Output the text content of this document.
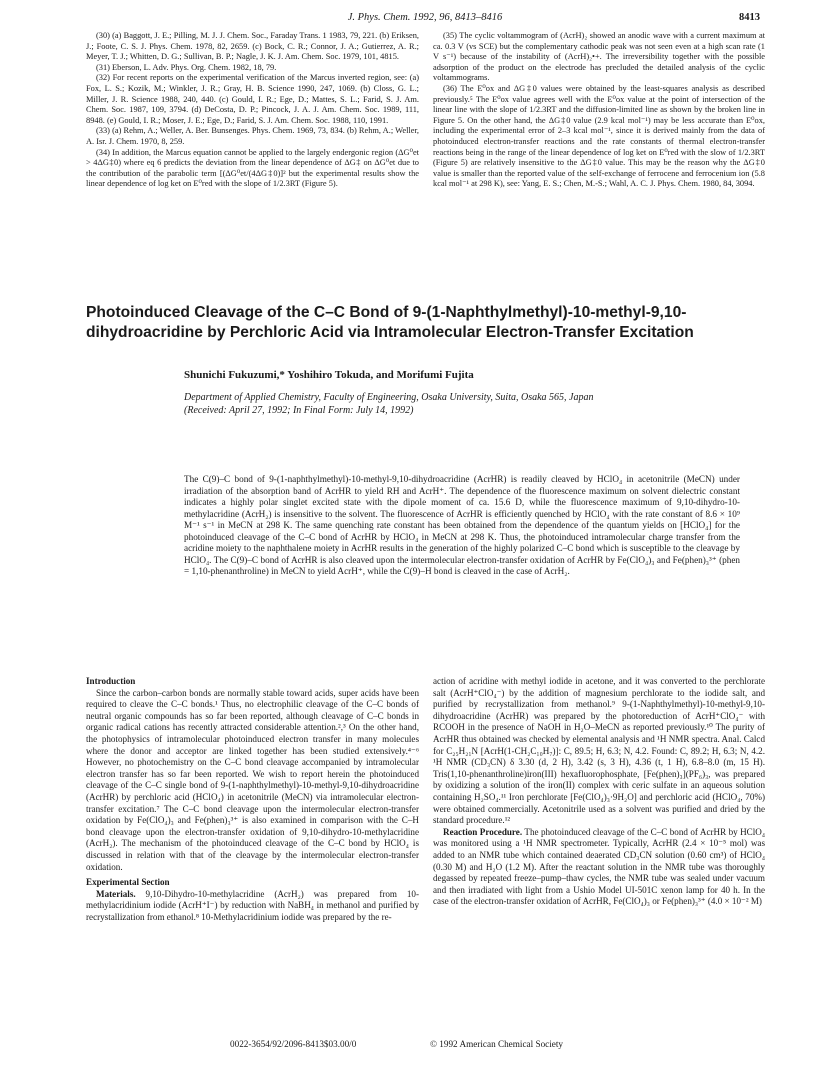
J. Phys. Chem. 1992, 96, 8413–8416	8413

(30) (a) Baggott, J. E.; Pilling, M. J. J. Chem. Soc., Faraday Trans. 1 1983, 79, 221. (b) Eriksen, J.; Foote, C. S. J. Phys. Chem. 1978, 82, 2659. (c) Bock, C. R.; Connor, J. A.; Gutierrez, A. R.; Meyer, T. J.; Whitten, D. G.; Sullivan, B. P.; Nagle, J. K. J. Am. Chem. Soc. 1979, 101, 4815.

(31) Eberson, L. Adv. Phys. Org. Chem. 1982, 18, 79.

(32) For recent reports on the experimental verification of the Marcus inverted region, see: (a) Fox, L. S.; Kozik, M.; Winkler, J. R.; Gray, H. B. Science 1990, 247, 1069. (b) Closs, G. L.; Miller, J. R. Science 1988, 240, 440. (c) Gould, I. R.; Ege, D.; Mattes, S. L.; Farid, S. J. Am. Chem. Soc. 1987, 109, 3794. (d) DeCosta, D. P.; Pincock, J. A. J. Am. Chem. Soc. 1989, 111, 8948. (e) Gould, I. R.; Moser, J. E.; Ege, D.; Farid, S. J. Am. Chem. Soc. 1988, 110, 1991.

(33) (a) Rehm, A.; Weller, A. Ber. Bunsenges. Phys. Chem. 1969, 73, 834. (b) Rehm, A.; Weller, A. Isr. J. Chem. 1970, 8, 259.

(34) In addition, the Marcus equation cannot be applied to the largely endergonic region (ΔG⁰et > 4ΔG‡0) where eq 6 predicts the deviation from the linear dependence of ΔG‡ on ΔG⁰et due to the contribution of the parabolic term [(ΔG⁰et/(4ΔG‡0)]² but the experimental results show the linear dependence of log ket on E⁰red with the slope of 1/2.3RT (Figure 5).

(35) The cyclic voltammogram of (AcrH)₂ showed an anodic wave with a current maximum at ca. 0.3 V (vs SCE) but the complementary cathodic peak was not seen even at a high scan rate (1 V s⁻¹) because of the instability of (AcrH)₂•+. The irreversibility together with the possible adsorption of the product on the electrode has precluded the detailed analysis of the cyclic voltammograms.

(36) The E⁰ox and ΔG‡0 values were obtained by the least-squares analysis as described previously.⁵ The E⁰ox value agrees well with the E⁰ox value at the point of intersection of the linear line with the slope of 1/2.3RT and the diffusion-limited line as shown by the broken line in Figure 5. On the other hand, the ΔG‡0 value (2.9 kcal mol⁻¹) may be less accurate than E⁰ox, including the experimental error of 2–3 kcal mol⁻¹, since it is derived mainly from the data of photoinduced electron-transfer reactions and the rate constants of thermal electron-transfer reactions being in the range of the linear dependence of log ket on E⁰red with the slow of 1/2.3RT (Figure 5) are relatively insensitive to the ΔG‡0 value. This may be the reason why the ΔG‡0 value is smaller than the reported value of the self-exchange of ferrocene and ferrocenium ion (5.8 kcal mol⁻¹ at 298 K), see: Yang, E. S.; Chen, M.-S.; Wahl, A. C. J. Phys. Chem. 1980, 84, 3094.

Photoinduced Cleavage of the C–C Bond of 9-(1-Naphthylmethyl)-10-methyl-9,10-dihydroacridine by Perchloric Acid via Intramolecular Electron-Transfer Excitation
Shunichi Fukuzumi,* Yoshihiro Tokuda, and Morifumi Fujita
Department of Applied Chemistry, Faculty of Engineering, Osaka University, Suita, Osaka 565, Japan
(Received: April 27, 1992; In Final Form: July 14, 1992)

The C(9)–C bond of 9-(1-naphthylmethyl)-10-methyl-9,10-dihydroacridine (AcrHR) is readily cleaved by HClO₄ in acetonitrile (MeCN) under irradiation of the absorption band of AcrHR to yield RH and AcrH⁺. The dependence of the fluorescence maximum on solvent dielectric constant indicates a highly polar singlet excited state with the dipole moment of ca. 15.6 D, while the fluorescence maximum of 9,10-dihydro-10-methylacridine (AcrH₂) is insensitive to the solvent. The fluorescence of AcrHR is efficiently quenched by HClO₄ with the rate constant of 8.6 × 10⁹ M⁻¹ s⁻¹ in MeCN at 298 K. The same quenching rate constant has been obtained from the dependence of the quantum yields on [HClO₄] for the photoinduced cleavage of the C–C bond of AcrHR by HClO₄ in MeCN at 298 K. Thus, the photoinduced intramolecular charge transfer from the acridine moiety to the naphthalene moiety in AcrHR results in the generation of the highly polarized C–C bond which is susceptible to the cleavage by HClO₄. The C(9)–C bond of AcrHR is also cleaved upon the intermolecular electron-transfer oxidation of AcrHR by Fe(ClO₄)₃ and Fe(phen)₃³⁺ (phen = 1,10-phenanthroline) in MeCN to yield AcrH⁺, while the C(9)–H bond is cleaved in the case of AcrH₂.

Introduction

Since the carbon–carbon bonds are normally stable toward acids, super acids have been required to cleave the C–C bonds.¹ Thus, no electrophilic cleavage of the C–C bonds of neutral organic compounds has so far been reported, although cleavage of C–C bonds in organic radical cations has recently attracted considerable attention.²,³ On the other hand, the photophysics of intramolecular photoinduced electron transfer in many molecules where the donor and acceptor are linked together has been studied extensively.⁴⁻⁶ However, no photochemistry on the C–C bond cleavage accompanied by intramolecular electron transfer has so far been reported. We wish to report herein the photoinduced cleavage of the C–C single bond of 9-(1-naphthylmethyl)-10-methyl-9,10-dihydroacridine (AcrHR) by perchloric acid (HClO₄) in acetonitrile (MeCN) via intramolecular electron-transfer excitation.⁷ The C–C bond cleavage upon the intermolecular electron-transfer oxidation by Fe(ClO₄)₃ and Fe(phen)₃³⁺ is also examined in comparison with the C–H bond cleavage upon the electron-transfer oxidation of 9,10-dihydro-10-methylacridine (AcrH₂). The mechanism of the photoinduced cleavage of the C–C bond by HClO₄ is discussed in relation with that of the cleavage by the intermolecular electron-transfer oxidation.

Experimental Section

Materials. 9,10-Dihydro-10-methylacridine (AcrH₂) was prepared from 10-methylacridinium iodide (AcrH⁺I⁻) by reduction with NaBH₄ in methanol and purified by recrystallization from ethanol.⁸ 10-Methylacridinium iodide was prepared by the re-

action of acridine with methyl iodide in acetone, and it was converted to the perchlorate salt (AcrH⁺ClO₄⁻) by the addition of magnesium perchlorate to the iodide salt, and purified by recrystallization from methanol.⁹ 9-(1-Naphthylmethyl)-10-methyl-9,10-dihydroacridine (AcrHR) was prepared by the photoreduction of AcrH⁺ClO₄⁻ with RCOOH in the presence of NaOH in H₂O–MeCN as reported previously.¹⁰ The purity of AcrHR thus obtained was checked by elemental analysis and ¹H NMR spectra. Anal. Calcd for C₂₅H₂₁N [AcrH(1-CH₂C₁₀H₇)]: C, 89.5; H, 6.3; N, 4.2. Found: C, 89.2; H, 6.3; N, 4.2. ¹H NMR (CD₃CN) δ 3.30 (d, 2 H), 3.42 (s, 3 H), 4.36 (t, 1 H), 6.8–8.0 (m, 15 H). Tris(1,10-phenanthroline)iron(III) hexafluorophosphate, [Fe(phen)₃](PF₆)₃, was prepared by oxidizing a solution of the iron(II) complex with ceric sulfate in an aqueous solution containing H₂SO₄.¹¹ Iron perchlorate [Fe(ClO₄)₃·9H₂O] and perchloric acid (HClO₄, 70%) were obtained commercially. Acetonitrile used as a solvent was purified and dried by the standard procedure.¹²

Reaction Procedure. The photoinduced cleavage of the C–C bond of AcrHR by HClO₄ was monitored using a ¹H NMR spectrometer. Typically, AcrHR (2.4 × 10⁻⁵ mol) was added to an NMR tube which contained deaerated CD₃CN solution (0.60 cm³) of HClO₄ (0.30 M) and H₂O (1.2 M). After the reactant solution in the NMR tube was thoroughly degassed by repeated freeze–pump–thaw cycles, the NMR tube was sealed under vacuum and then irradiated with light from a Ushio Model UI-501C xenon lamp for 40 h. In the case of the electron-transfer oxidation of AcrHR, Fe(ClO₄)₃ or Fe(phen)₃³⁺ (4.0 × 10⁻² M)

0022-3654/92/2096-8413$03.00/0	© 1992 American Chemical Society
